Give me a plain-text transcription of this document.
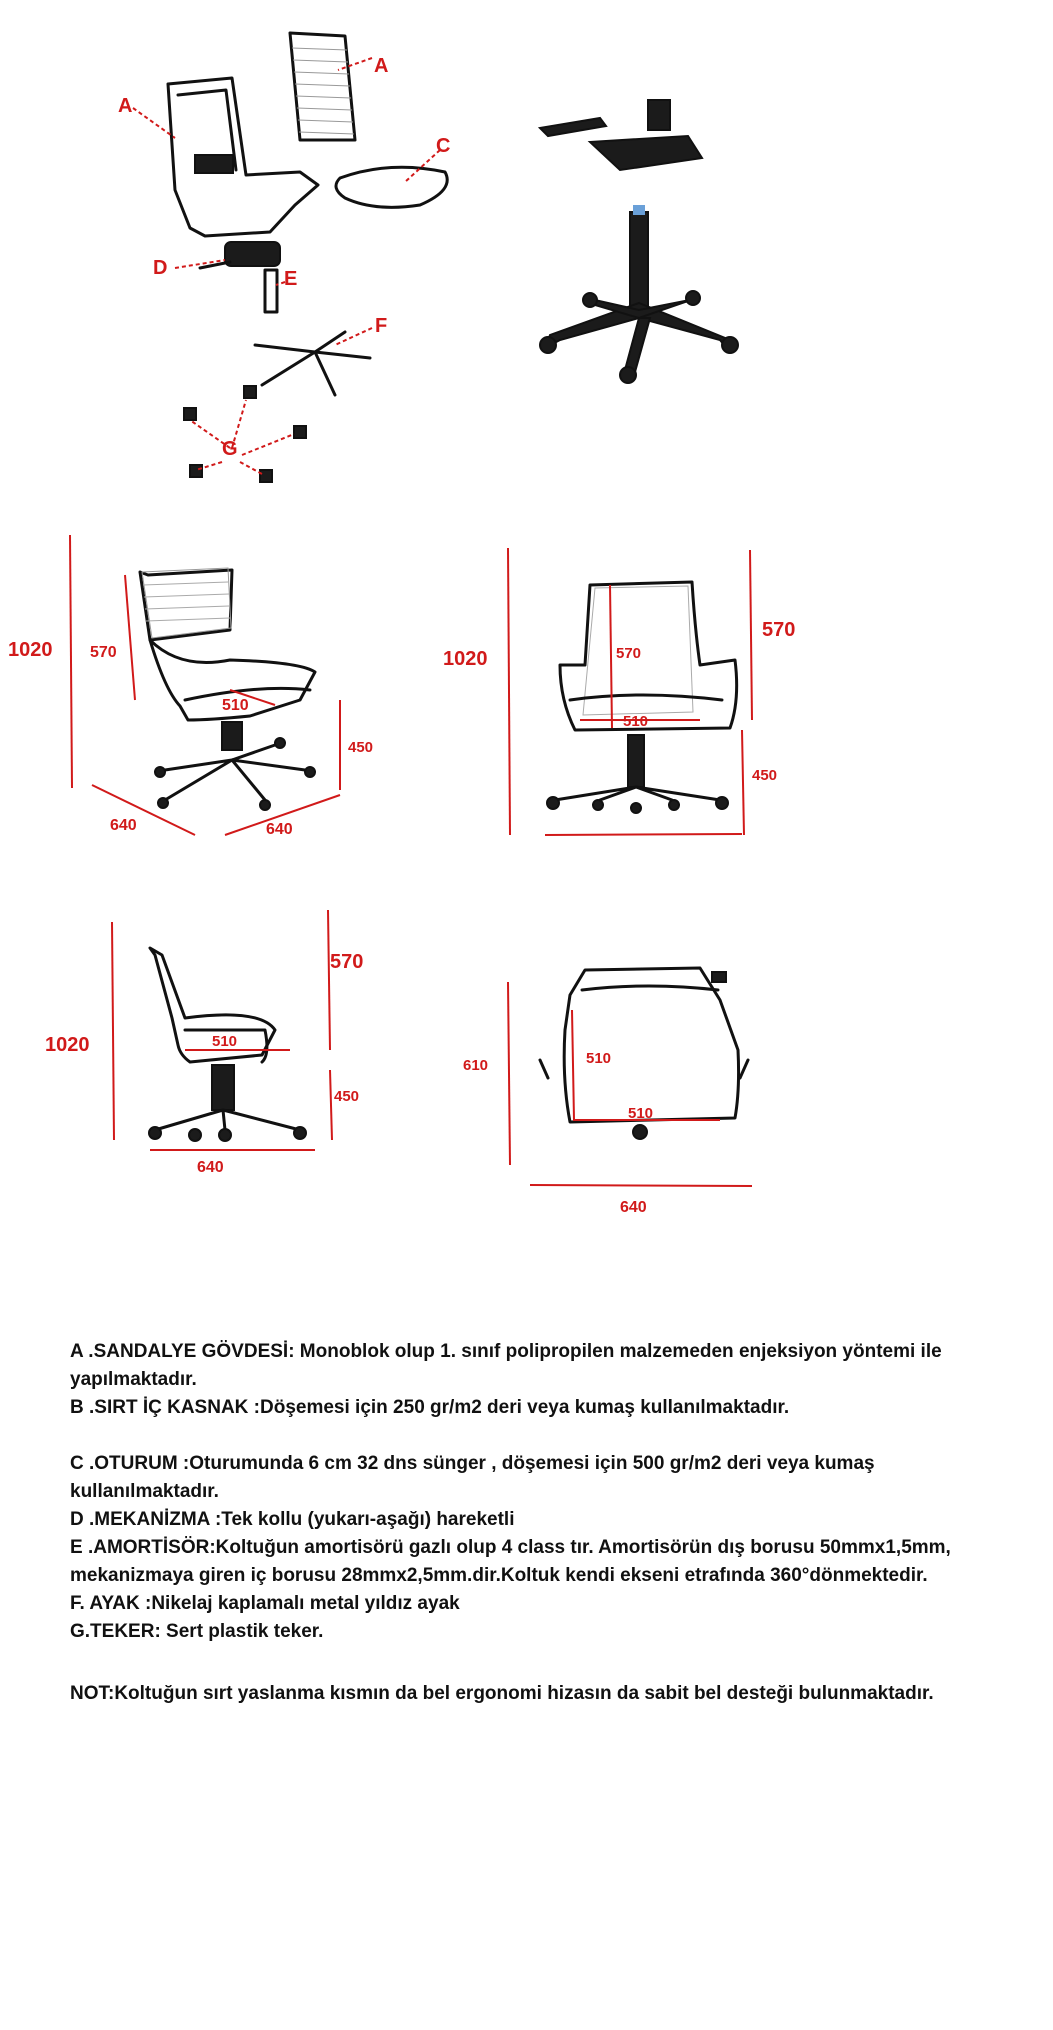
A
A
C
D	E
F
G
1020 570
510
450
640	640
1020
570
570
510
450
1020
570
510
450
640
610	510
510
640

A .SANDALYE GÖVDESİ: Monoblok olup 1. sınıf polipropilen malzemeden enjeksiyon yöntemi ile yapılmaktadır.

B .SIRT İÇ KASNAK :Döşemesi için 250 gr/m2 deri veya kumaş kullanılmaktadır.

C .OTURUM :Oturumunda 6 cm 32 dns sünger , döşemesi için 500 gr/m2 deri veya kumaş kullanılmaktadır.

D .MEKANİZMA :Tek kollu (yukarı-aşağı) hareketli

E .AMORTİSÖR:Koltuğun amortisörü gazlı olup 4 class tır. Amortisörün dış borusu 50mmx1,5mm, mekanizmaya giren iç borusu 28mmx2,5mm.dir.Koltuk kendi ekseni etrafında 360°dönmektedir.

F. AYAK :Nikelaj kaplamalı metal yıldız ayak

G.TEKER: Sert plastik teker.

NOT:Koltuğun sırt yaslanma kısmın da bel ergonomi hizasın da sabit bel desteği bulunmaktadır.
